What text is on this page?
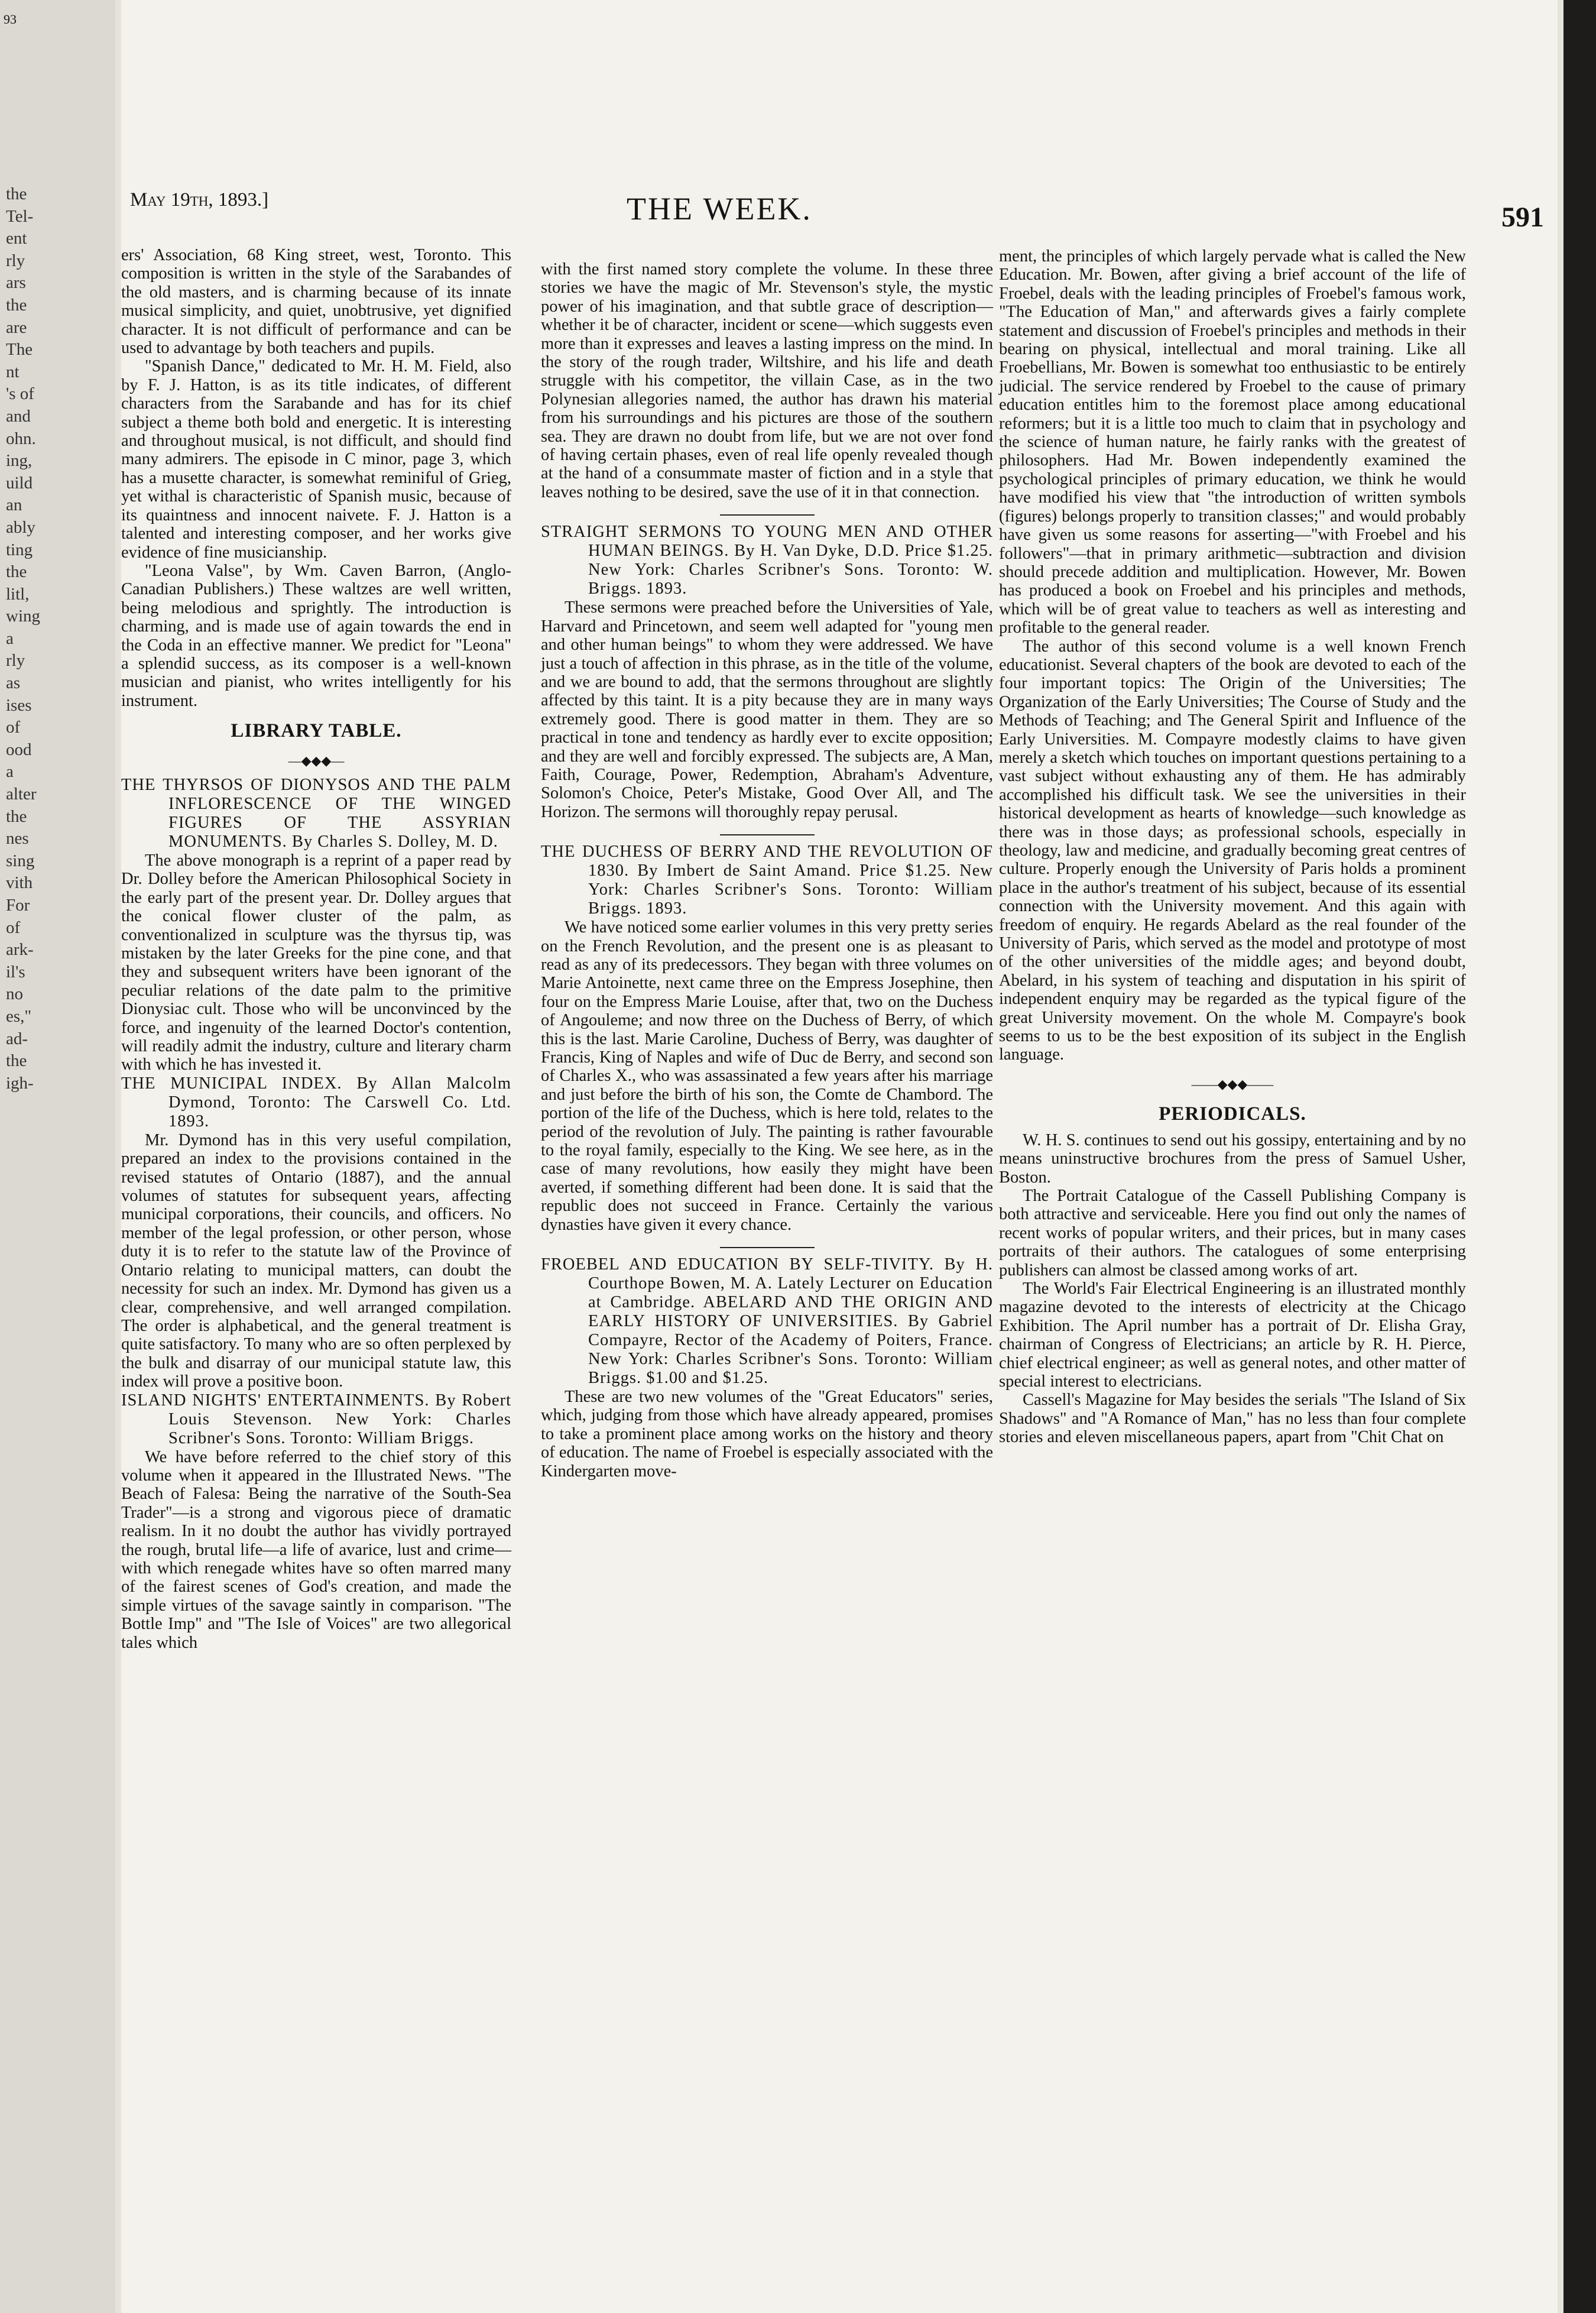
93
the
Tel-
ent
rly
ars
the
are
The
nt
's of
and
ohn.
ing,
uild
an
ably
ting
the
litl,
wing
a
rly
as
ises
of
ood
a
alter
the
nes
sing
vith
For
of
ark-
il's
no
es,"
ad-
the
igh-
May 19th, 1893.]	THE WEEK.	591

ers' Association, 68 King street, west, Toronto. This composition is written in the style of the Sarabandes of the old masters, and is charming because of its innate musical simplicity, and quiet, unobtrusive, yet dignified character. It is not difficult of performance and can be used to advantage by both teachers and pupils.

"Spanish Dance," dedicated to Mr. H. M. Field, also by F. J. Hatton, is as its title indicates, of different characters from the Sarabande and has for its chief subject a theme both bold and energetic. It is interesting and throughout musical, is not difficult, and should find many admirers. The episode in C minor, page 3, which has a musette character, is somewhat reminiful of Grieg, yet withal is characteristic of Spanish music, because of its quaintness and innocent naivete. F. J. Hatton is a talented and interesting composer, and her works give evidence of fine musicianship.

"Leona Valse", by Wm. Caven Barron, (Anglo-Canadian Publishers.) These waltzes are well written, being melodious and sprightly. The introduction is charming, and is made use of again towards the end in the Coda in an effective manner. We predict for "Leona" a splendid success, as its composer is a well-known musician and pianist, who writes intelligently for his instrument.

LIBRARY TABLE.
—◆◆◆—

THE THYRSOS OF DIONYSOS AND THE PALM INFLORESCENCE OF THE WINGED FIGURES OF THE ASSYRIAN MONUMENTS. By Charles S. Dolley, M. D.

The above monograph is a reprint of a paper read by Dr. Dolley before the American Philosophical Society in the early part of the present year. Dr. Dolley argues that the conical flower cluster of the palm, as conventionalized in sculpture was the thyrsus tip, was mistaken by the later Greeks for the pine cone, and that they and subsequent writers have been ignorant of the peculiar relations of the date palm to the primitive Dionysiac cult. Those who will be unconvinced by the force, and ingenuity of the learned Doctor's contention, will readily admit the industry, culture and literary charm with which he has invested it.

THE MUNICIPAL INDEX. By Allan Malcolm Dymond, Toronto: The Carswell Co. Ltd. 1893.

Mr. Dymond has in this very useful compilation, prepared an index to the provisions contained in the revised statutes of Ontario (1887), and the annual volumes of statutes for subsequent years, affecting municipal corporations, their councils, and officers. No member of the legal profession, or other person, whose duty it is to refer to the statute law of the Province of Ontario relating to municipal matters, can doubt the necessity for such an index. Mr. Dymond has given us a clear, comprehensive, and well arranged compilation. The order is alphabetical, and the general treatment is quite satisfactory. To many who are so often perplexed by the bulk and disarray of our municipal statute law, this index will prove a positive boon.

ISLAND NIGHTS' ENTERTAINMENTS. By Robert Louis Stevenson. New York: Charles Scribner's Sons. Toronto: William Briggs.

We have before referred to the chief story of this volume when it appeared in the Illustrated News. "The Beach of Falesa: Being the narrative of the South-Sea Trader"—is a strong and vigorous piece of dramatic realism. In it no doubt the author has vividly portrayed the rough, brutal life—a life of avarice, lust and crime—with which renegade whites have so often marred many of the fairest scenes of God's creation, and made the simple virtues of the savage saintly in comparison. "The Bottle Imp" and "The Isle of Voices" are two allegorical tales which

with the first named story complete the volume. In these three stories we have the magic of Mr. Stevenson's style, the mystic power of his imagination, and that subtle grace of description—whether it be of character, incident or scene—which suggests even more than it expresses and leaves a lasting impress on the mind. In the story of the rough trader, Wiltshire, and his life and death struggle with his competitor, the villain Case, as in the two Polynesian allegories named, the author has drawn his material from his surroundings and his pictures are those of the southern sea. They are drawn no doubt from life, but we are not over fond of having certain phases, even of real life openly revealed though at the hand of a consummate master of fiction and in a style that leaves nothing to be desired, save the use of it in that connection.

STRAIGHT SERMONS TO YOUNG MEN AND OTHER HUMAN BEINGS. By H. Van Dyke, D.D. Price $1.25. New York: Charles Scribner's Sons. Toronto: W. Briggs. 1893.

These sermons were preached before the Universities of Yale, Harvard and Princetown, and seem well adapted for "young men and other human beings" to whom they were addressed. We have just a touch of affection in this phrase, as in the title of the volume, and we are bound to add, that the sermons throughout are slightly affected by this taint. It is a pity because they are in many ways extremely good. There is good matter in them. They are so practical in tone and tendency as hardly ever to excite opposition; and they are well and forcibly expressed. The subjects are, A Man, Faith, Courage, Power, Redemption, Abraham's Adventure, Solomon's Choice, Peter's Mistake, Good Over All, and The Horizon. The sermons will thoroughly repay perusal.

THE DUCHESS OF BERRY AND THE REVOLUTION OF 1830. By Imbert de Saint Amand. Price $1.25. New York: Charles Scribner's Sons. Toronto: William Briggs. 1893.

We have noticed some earlier volumes in this very pretty series on the French Revolution, and the present one is as pleasant to read as any of its predecessors. They began with three volumes on Marie Antoinette, next came three on the Empress Josephine, then four on the Empress Marie Louise, after that, two on the Duchess of Angouleme; and now three on the Duchess of Berry, of which this is the last. Marie Caroline, Duchess of Berry, was daughter of Francis, King of Naples and wife of Duc de Berry, and second son of Charles X., who was assassinated a few years after his marriage and just before the birth of his son, the Comte de Chambord. The portion of the life of the Duchess, which is here told, relates to the period of the revolution of July. The painting is rather favourable to the royal family, especially to the King. We see here, as in the case of many revolutions, how easily they might have been averted, if something different had been done. It is said that the republic does not succeed in France. Certainly the various dynasties have given it every chance.

FROEBEL AND EDUCATION BY SELF-TIVITY. By H. Courthope Bowen, M. A. Lately Lecturer on Education at Cambridge. ABELARD AND THE ORIGIN AND EARLY HISTORY OF UNIVERSITIES. By Gabriel Compayre, Rector of the Academy of Poiters, France. New York: Charles Scribner's Sons. Toronto: William Briggs. $1.00 and $1.25.

These are two new volumes of the "Great Educators" series, which, judging from those which have already appeared, promises to take a prominent place among works on the history and theory of education. The name of Froebel is especially associated with the Kindergarten move-

ment, the principles of which largely pervade what is called the New Education. Mr. Bowen, after giving a brief account of the life of Froebel, deals with the leading principles of Froebel's famous work, "The Education of Man," and afterwards gives a fairly complete statement and discussion of Froebel's principles and methods in their bearing on physical, intellectual and moral training. Like all Froebellians, Mr. Bowen is somewhat too enthusiastic to be entirely judicial. The service rendered by Froebel to the cause of primary education entitles him to the foremost place among educational reformers; but it is a little too much to claim that in psychology and the science of human nature, he fairly ranks with the greatest of philosophers. Had Mr. Bowen independently examined the psychological principles of primary education, we think he would have modified his view that "the introduction of written symbols (figures) belongs properly to transition classes;" and would probably have given us some reasons for asserting—"with Froebel and his followers"—that in primary arithmetic—subtraction and division should precede addition and multiplication. However, Mr. Bowen has produced a book on Froebel and his principles and methods, which will be of great value to teachers as well as interesting and profitable to the general reader.

The author of this second volume is a well known French educationist. Several chapters of the book are devoted to each of the four important topics: The Origin of the Universities; The Organization of the Early Universities; The Course of Study and the Methods of Teaching; and The General Spirit and Influence of the Early Universities. M. Compayre modestly claims to have given merely a sketch which touches on important questions pertaining to a vast subject without exhausting any of them. He has admirably accomplished his difficult task. We see the universities in their historical development as hearts of knowledge—such knowledge as there was in those days; as professional schools, especially in theology, law and medicine, and gradually becoming great centres of culture. Properly enough the University of Paris holds a prominent place in the author's treatment of his subject, because of its essential connection with the University movement. And this again with freedom of enquiry. He regards Abelard as the real founder of the University of Paris, which served as the model and prototype of most of the other universities of the middle ages; and beyond doubt, Abelard, in his system of teaching and disputation in his spirit of independent enquiry may be regarded as the typical figure of the great University movement. On the whole M. Compayre's book seems to us to be the best exposition of its subject in the English language.

——◆◆◆——
PERIODICALS.

W. H. S. continues to send out his gossipy, entertaining and by no means uninstructive brochures from the press of Samuel Usher, Boston.

The Portrait Catalogue of the Cassell Publishing Company is both attractive and serviceable. Here you find out only the names of recent works of popular writers, and their prices, but in many cases portraits of their authors. The catalogues of some enterprising publishers can almost be classed among works of art.

The World's Fair Electrical Engineering is an illustrated monthly magazine devoted to the interests of electricity at the Chicago Exhibition. The April number has a portrait of Dr. Elisha Gray, chairman of Congress of Electricians; an article by R. H. Pierce, chief electrical engineer; as well as general notes, and other matter of special interest to electricians.

Cassell's Magazine for May besides the serials "The Island of Six Shadows" and "A Romance of Man," has no less than four complete stories and eleven miscellaneous papers, apart from "Chit Chat on
